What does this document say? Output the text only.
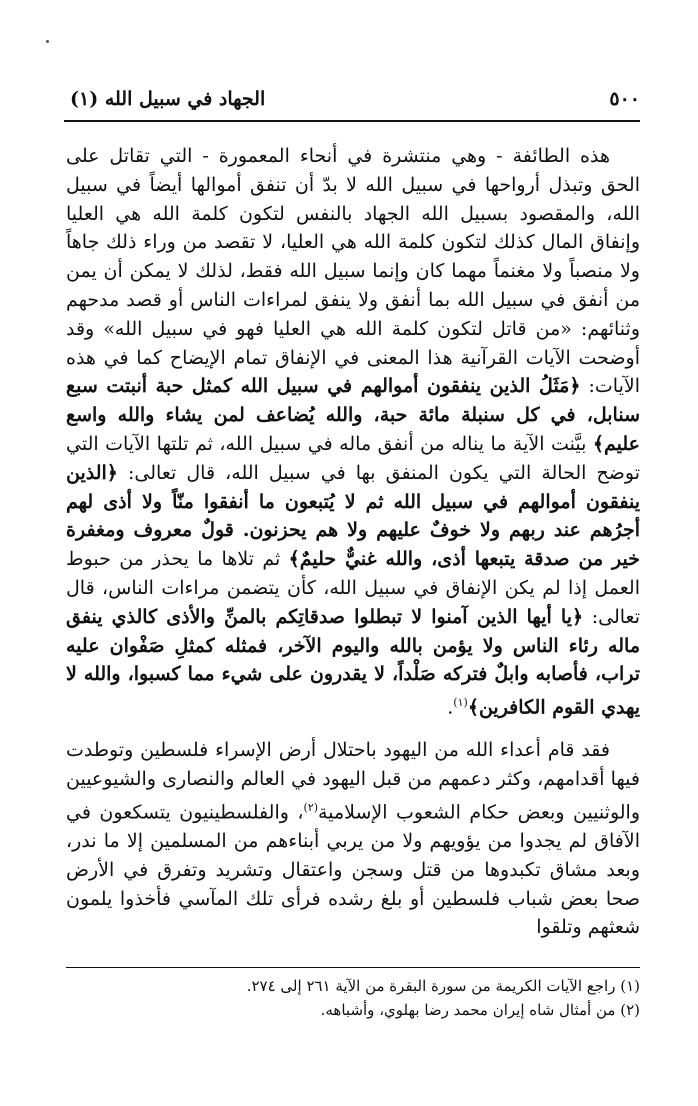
٥٠٠
الجهاد في سبيل الله (١)

هذه الطائفة - وهي منتشرة في أنحاء المعمورة - التي تقاتل على الحق وتبذل أرواحها في سبيل الله لا بدّ أن تنفق أموالها أيضاً في سبيل الله، والمقصود بسبيل الله الجهاد بالنفس لتكون كلمة الله هي العليا وإنفاق المال كذلك لتكون كلمة الله هي العليا، لا تقصد من وراء ذلك جاهاً ولا منصباً ولا مغنماً مهما كان وإنما سبيل الله فقط، لذلك لا يمكن أن يمن من أنفق في سبيل الله بما أنفق ولا ينفق لمراءات الناس أو قصد مدحهم وثنائهم: «من قاتل لتكون كلمة الله هي العليا فهو في سبيل الله» وقد أوضحت الآيات القرآنية هذا المعنى في الإنفاق تمام الإيضاح كما في هذه الآيات: ﴿مَثَلُ الذين ينفقون أموالهم في سبيل الله كمثل حبة أنبتت سبع سنابل، في كل سنبلة مائة حبة، والله يُضاعف لمن يشاء والله واسع عليم﴾ بيَّنت الآية ما يناله من أنفق ماله في سبيل الله، ثم تلتها الآيات التي توضح الحالة التي يكون المنفق بها في سبيل الله، قال تعالى: ﴿الذين ينفقون أموالهم في سبيل الله ثم لا يُتبعون ما أنفقوا منّاً ولا أذى لهم أجرُهم عند ربهم ولا خوفٌ عليهم ولا هم يحزنون. قولٌ معروف ومغفرة خير من صدقة يتبعها أذى، والله غنيٌّ حليمٌ﴾ ثم تلاها ما يحذر من حبوط العمل إذا لم يكن الإنفاق في سبيل الله، كأن يتضمن مراءات الناس، قال تعالى: ﴿يا أيها الذين آمنوا لا تبطلوا صدقاتِكم بالمنِّ والأذى كالذي ينفق ماله رئاء الناس ولا يؤمن بالله واليوم الآخر، فمثله كمثلِ صَفْوان عليه تراب، فأصابه وابلٌ فتركه صَلْداً، لا يقدرون على شيء مما كسبوا، والله لا يهدي القوم الكافرين﴾$^{(١)}$.

فقد قام أعداء الله من اليهود باحتلال أرض الإسراء فلسطين وتوطدت فيها أقدامهم، وكثر دعمهم من قبل اليهود في العالم والنصارى والشيوعيين والوثنيين وبعض حكام الشعوب الإسلامية$^{(٢)}$، والفلسطينيون يتسكعون في الآفاق لم يجدوا من يؤويهم ولا من يربي أبناءهم من المسلمين إلا ما ندر، وبعد مشاق تكبدوها من قتل وسجن واعتقال وتشريد وتفرق في الأرض صحا بعض شباب فلسطين أو بلغ رشده فرأى تلك المآسي فأخذوا يلمون شعثهم وتلقوا

(١) راجع الآيات الكريمة من سورة البقرة من الآية ٢٦١ إلى ٢٧٤.
(٢) من أمثال شاه إيران محمد رضا بهلوي، وأشباهه.
